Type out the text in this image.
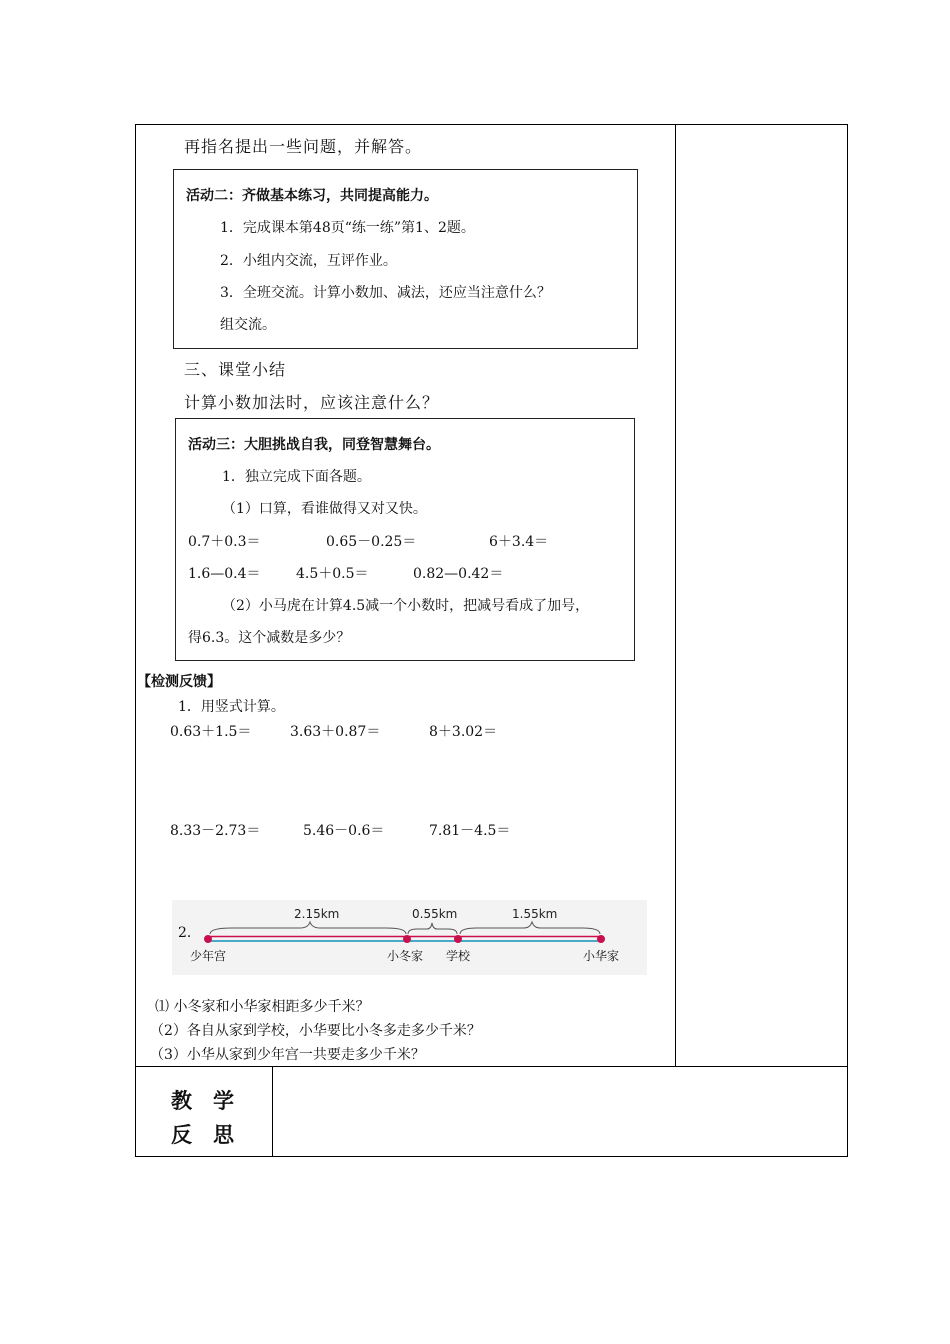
再指名提出一些问题，并解答。
活动二：齐做基本练习，共同提高能力。
1．完成课本第48页“练一练”第1、2题。
2．小组内交流，互评作业。
3．全班交流。计算小数加、减法，还应当注意什么？
组交流。
三、课堂小结
计算小数加法时，应该注意什么？
活动三：大胆挑战自我，同登智慧舞台。
1．独立完成下面各题。
（1）口算，看谁做得又对又快。
0.7＋0.3＝	0.65－0.25＝	6＋3.4＝
1.6—0.4＝	4.5＋0.5＝	0.82—0.42＝
（2）小马虎在计算4.5减一个小数时，把减号看成了加号，
得6.3。这个减数是多少？
【检测反馈】
1．用竖式计算。
0.63＋1.5＝	3.63＋0.87＝	8＋3.02＝
8.33－2.73＝	5.46－0.6＝	7.81－4.5＝
2.15km	0.55km	1.55km
少年宫	小冬家 学校	小华家
2．
⑴ 小冬家和小华家相距多少千米？
（2）各自从家到学校，小华要比小冬多走多少千米？
（3）小华从家到少年宫一共要走多少千米？
教　学
反　思
